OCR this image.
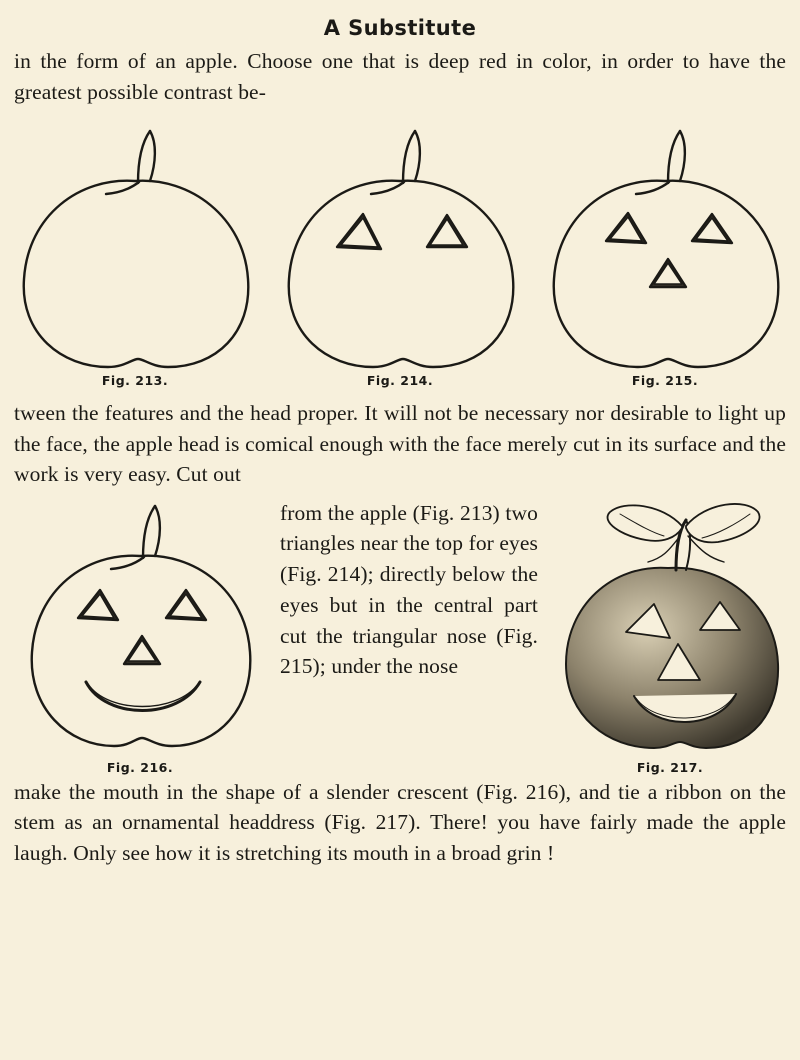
A Substitute
in the form of an apple. Choose one that is deep red in color, in order to have the greatest possible contrast be-
Fig. 213.	Fig. 214.	Fig. 215.
tween the features and the head proper. It will not be necessary nor desirable to light up the face, the apple head is comical enough with the face merely cut in its surface and the work is very easy. Cut out
Fig. 216.	Fig. 217.
from the apple (Fig. 213) two triangles near the top for eyes (Fig. 214); directly below the eyes but in the central part cut the triangular nose (Fig. 215); under the nose
make the mouth in the shape of a slender crescent (Fig. 216), and tie a ribbon on the stem as an ornamental headdress (Fig. 217). There! you have fairly made the apple laugh. Only see how it is stretching its mouth in a broad grin !
